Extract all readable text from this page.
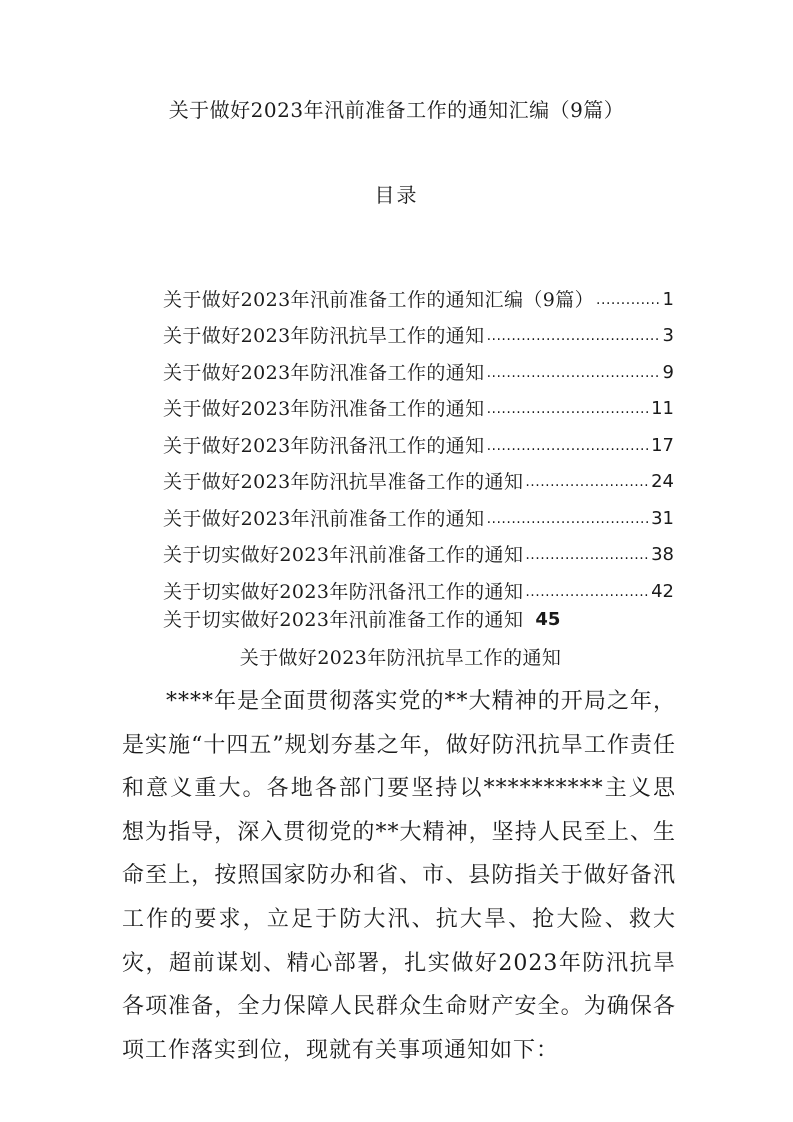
关于做好2023年汛前准备工作的通知汇编（9篇）
目录
关于做好2023年汛前准备工作的通知汇编（9篇） .....	1
关于做好2023年防汛抗旱工作的通知 .....	3
关于做好2023年防汛准备工作的通知 .....	9
关于做好2023年防汛准备工作的通知 .....	11
关于做好2023年防汛备汛工作的通知 .....	17
关于做好2023年防汛抗旱准备工作的通知 .....	24
关于做好2023年汛前准备工作的通知 .....	31
关于切实做好2023年汛前准备工作的通知 .....	38
关于切实做好2023年防汛备汛工作的通知 .....	42
关于切实做好2023年汛前准备工作的通知 45
关于做好2023年防汛抗旱工作的通知

****年是全面贯彻落实党的**大精神的开局之年，是实施“十四五”规划夯基之年，做好防汛抗旱工作责任和意义重大。各地各部门要坚持以**********主义思想为指导，深入贯彻党的**大精神，坚持人民至上、生命至上，按照国家防办和省、市、县防指关于做好备汛工作的要求，立足于防大汛、抗大旱、抢大险、救大灾，超前谋划、精心部署，扎实做好2023年防汛抗旱各项准备，全力保障人民群众生命财产安全。为确保各项工作落实到位，现就有关事项通知如下：
